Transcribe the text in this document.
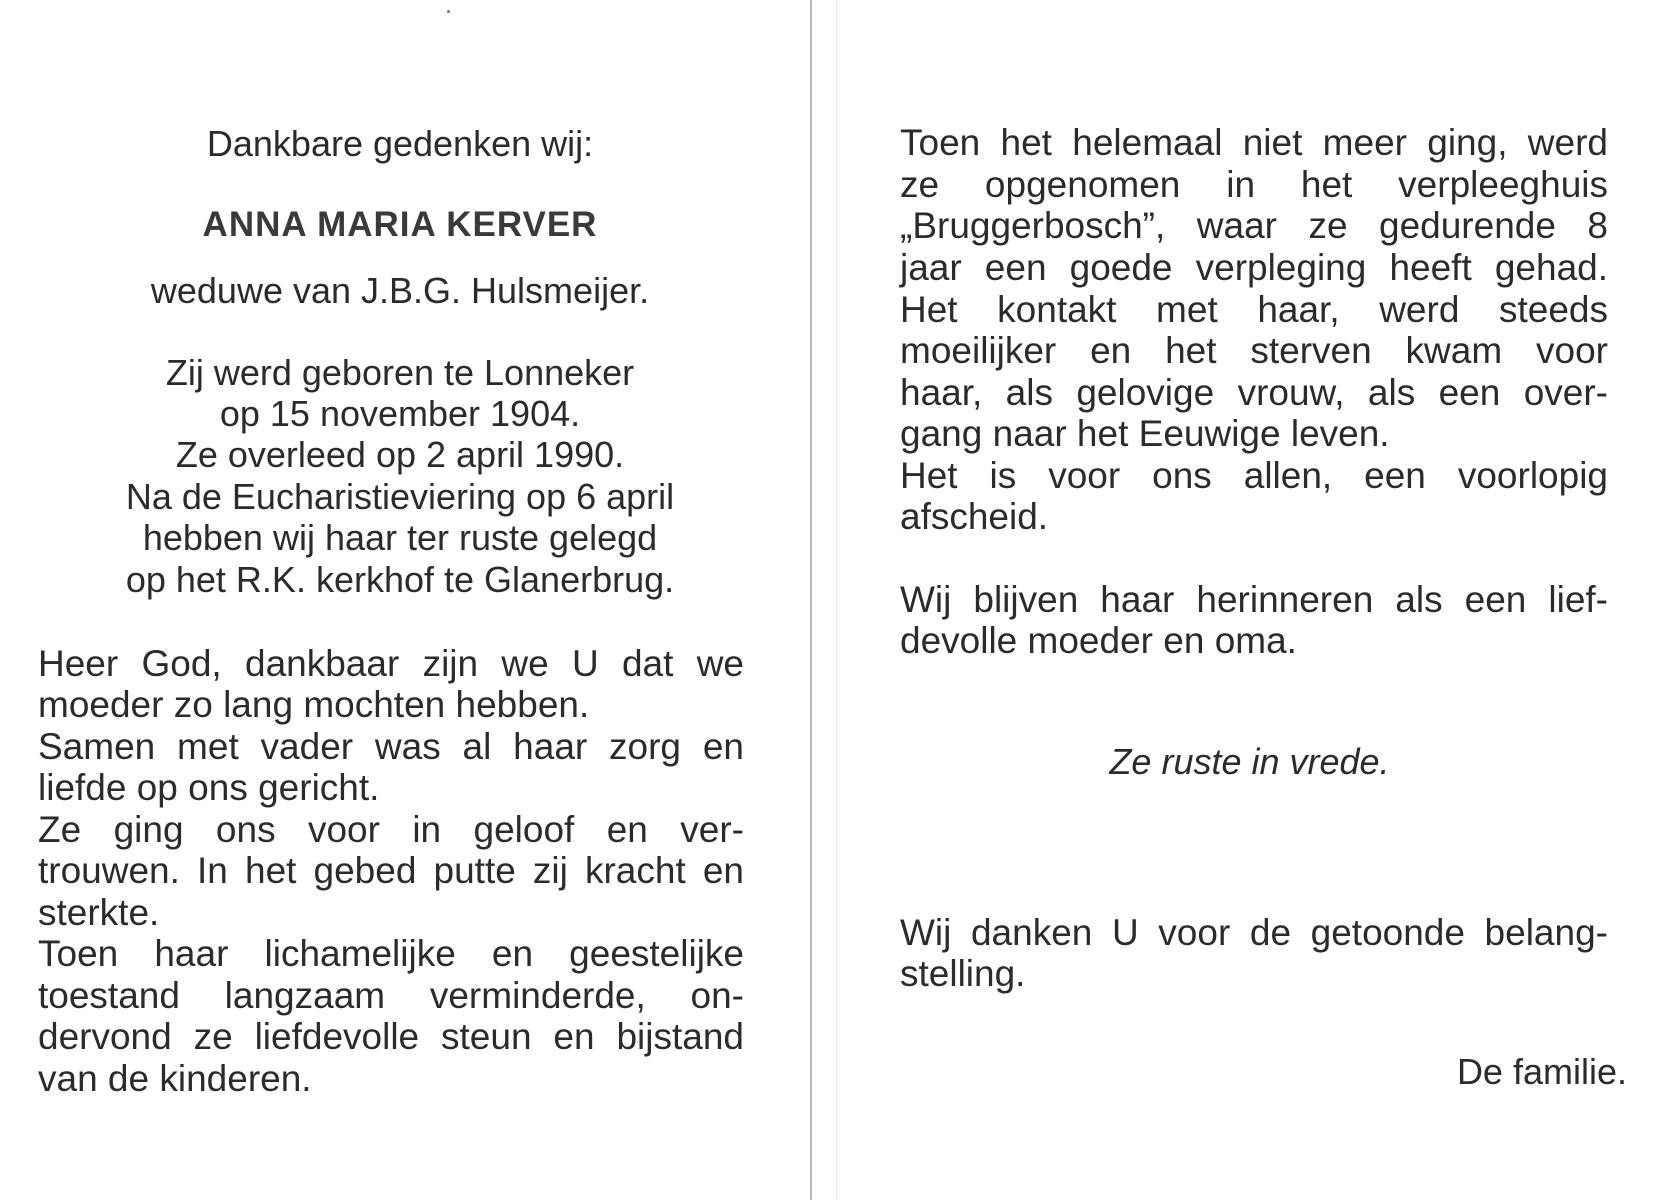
Dankbare gedenken wij:
ANNA MARIA KERVER
weduwe van J.B.G. Hulsmeijer.
Zij werd geboren te Lonneker
op 15 november 1904.
Ze overleed op 2 april 1990.
Na de Eucharistieviering op 6 april
hebben wij haar ter ruste gelegd
op het R.K. kerkhof te Glanerbrug.
Heer God, dankbaar zijn we U dat we
moeder zo lang mochten hebben.
Samen met vader was al haar zorg en
liefde op ons gericht.
Ze ging ons voor in geloof en ver-
trouwen. In het gebed putte zij kracht en
sterkte.
Toen haar lichamelijke en geestelijke
toestand langzaam verminderde, on-
dervond ze liefdevolle steun en bijstand
van de kinderen.
Toen het helemaal niet meer ging, werd
ze opgenomen in het verpleeghuis
„Bruggerbosch”, waar ze gedurende 8
jaar een goede verpleging heeft gehad.
Het kontakt met haar, werd steeds
moeilijker en het sterven kwam voor
haar, als gelovige vrouw, als een over-
gang naar het Eeuwige leven.
Het is voor ons allen, een voorlopig
afscheid.
Wij blijven haar herinneren als een lief-
devolle moeder en oma.
Ze ruste in vrede.
Wij danken U voor de getoonde belang-
stelling.
De familie.
